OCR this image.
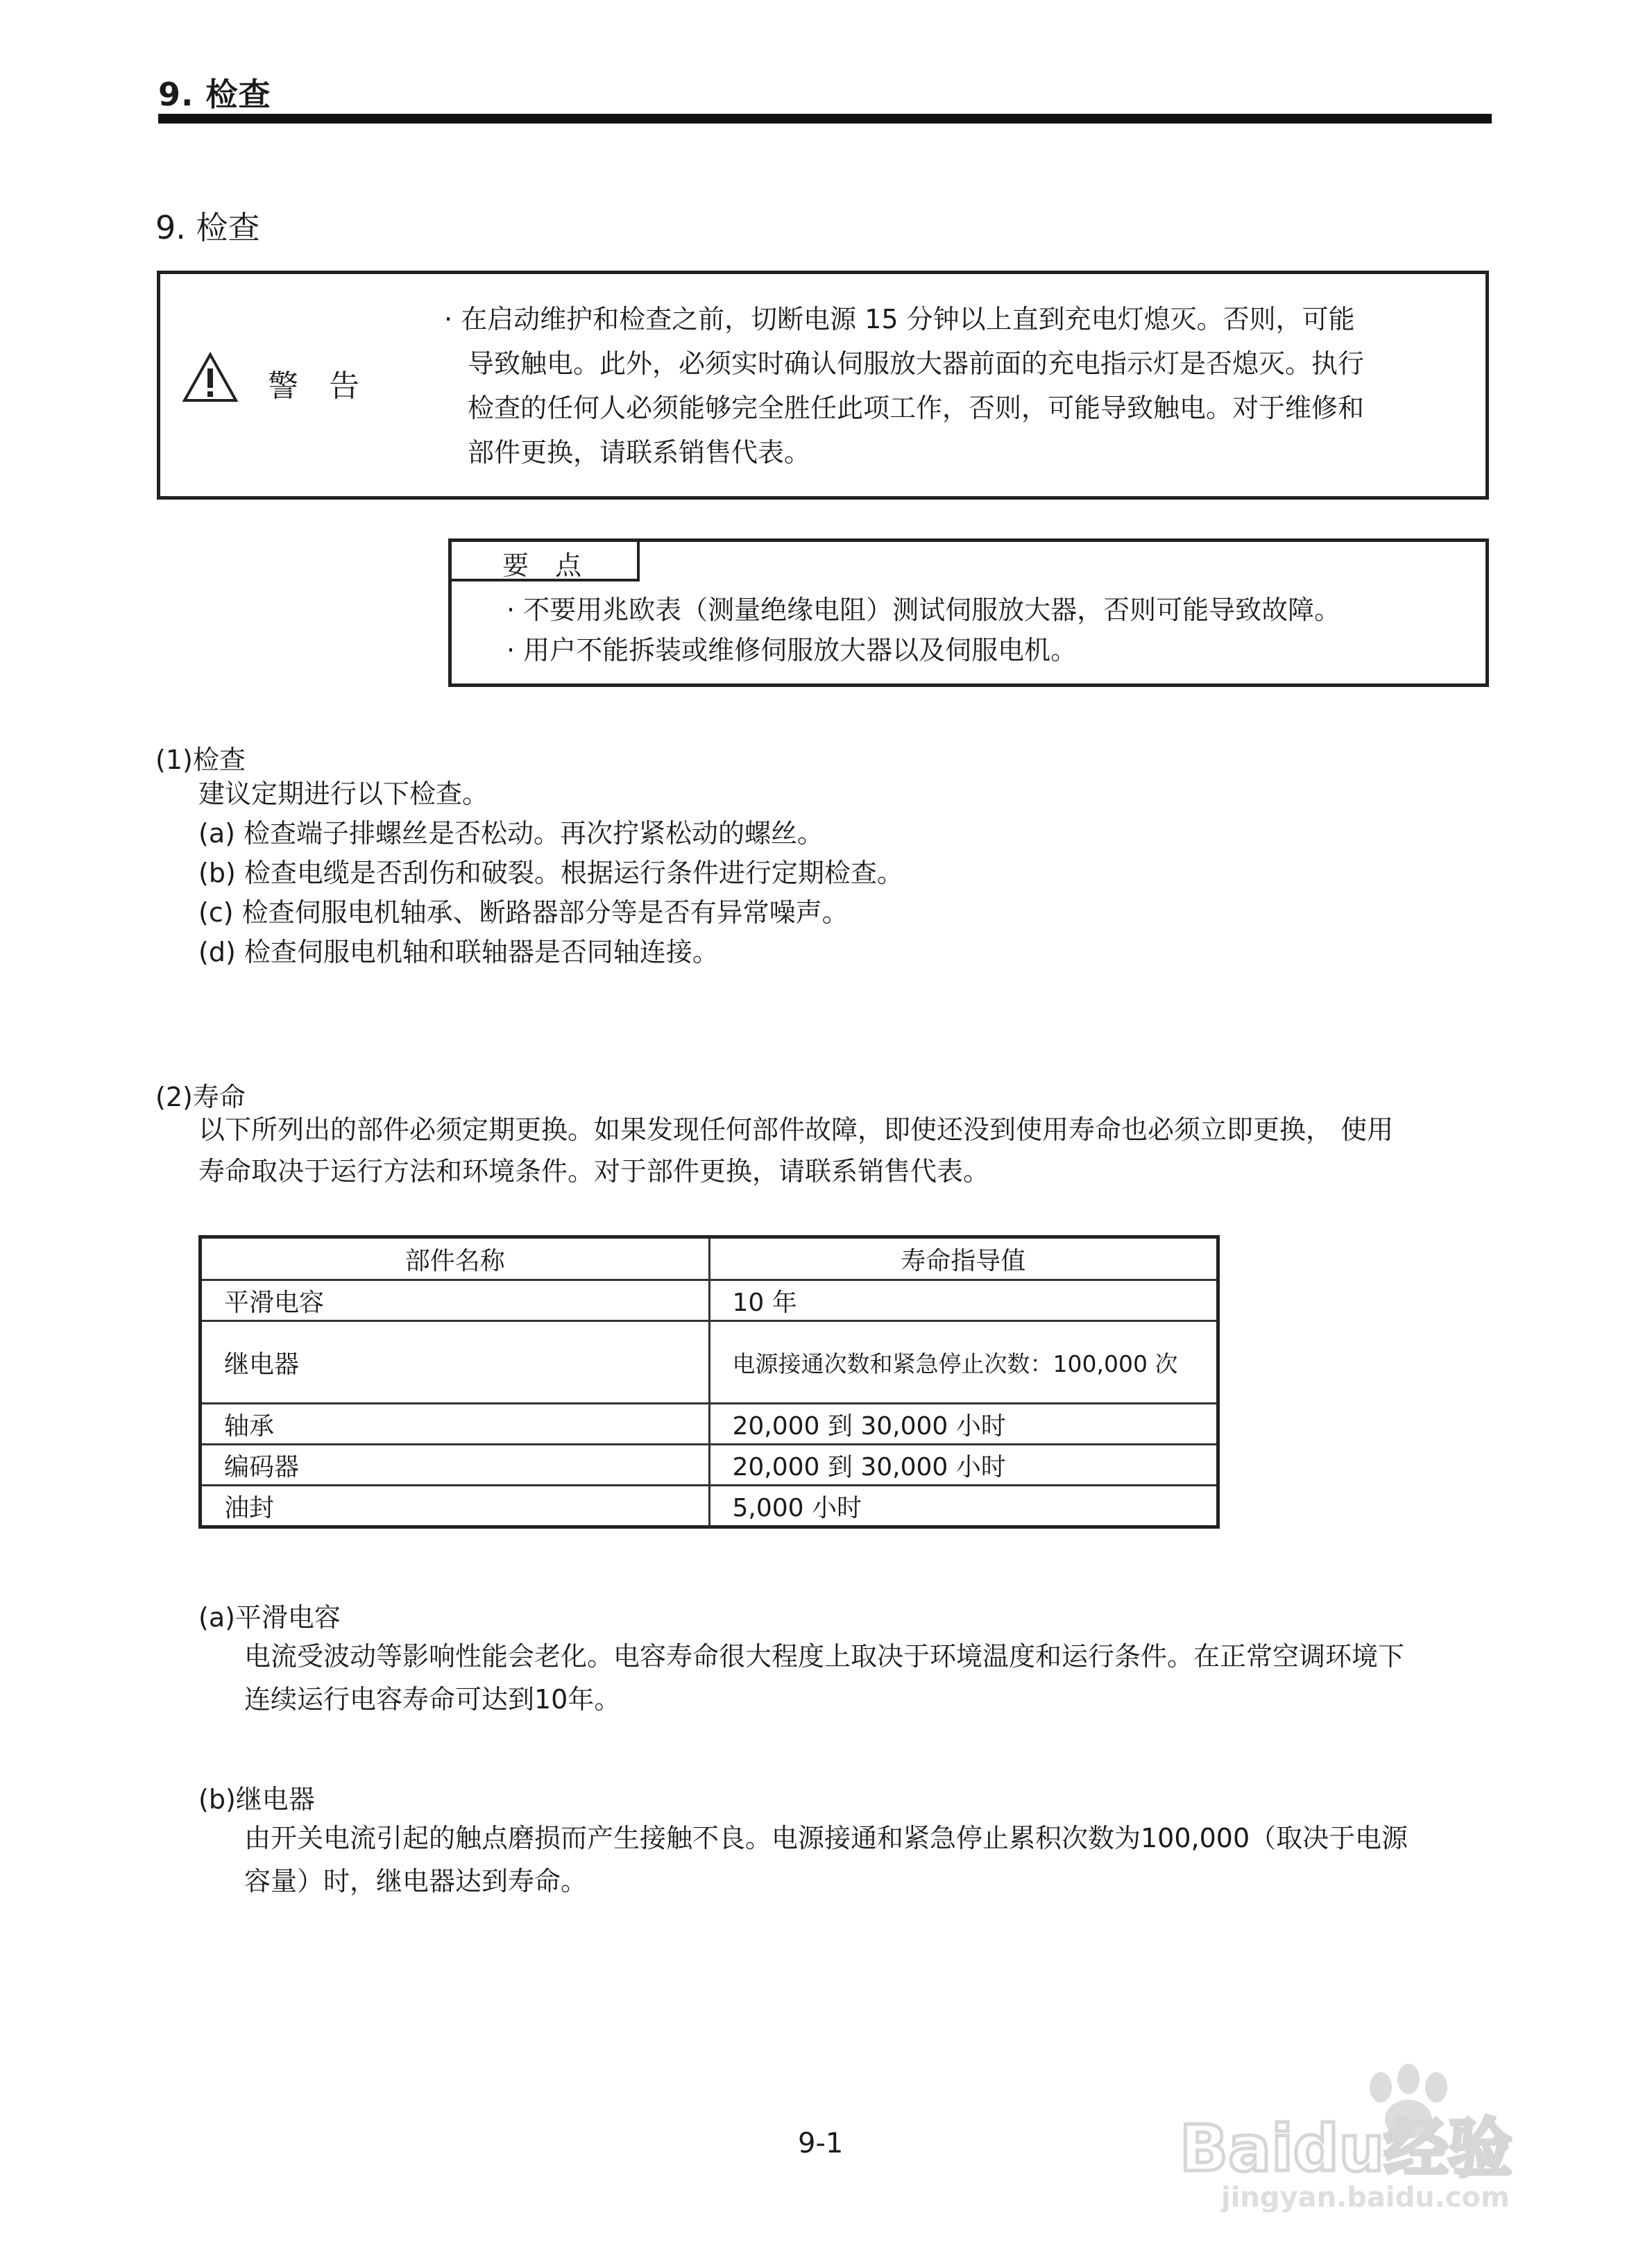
9. 检查
9. 检查
警告
· 在启动维护和检查之前，切断电源 15 分钟以上直到充电灯熄灭。否则，可能
导致触电。此外，必须实时确认伺服放大器前面的充电指示灯是否熄灭。执行
检查的任何人必须能够完全胜任此项工作，否则，可能导致触电。对于维修和
部件更换，请联系销售代表。
要点
· 不要用兆欧表（测量绝缘电阻）测试伺服放大器，否则可能导致故障。
· 用户不能拆装或维修伺服放大器以及伺服电机。
(1)检查
建议定期进行以下检查。
(a) 检查端子排螺丝是否松动。再次拧紧松动的螺丝。
(b) 检查电缆是否刮伤和破裂。根据运行条件进行定期检查。
(c) 检查伺服电机轴承、断路器部分等是否有异常噪声。
(d) 检查伺服电机轴和联轴器是否同轴连接。
(2)寿命
以下所列出的部件必须定期更换。如果发现任何部件故障，即使还没到使用寿命也必须立即更换， 使用
寿命取决于运行方法和环境条件。对于部件更换，请联系销售代表。
部件名称	寿命指导值
平滑电容	10 年
继电器	电源接通次数和紧急停止次数：100,000 次
轴承	20,000 到 30,000 小时
编码器	20,000 到 30,000 小时
油封	5,000 小时
(a)平滑电容
电流受波动等影响性能会老化。电容寿命很大程度上取决于环境温度和运行条件。在正常空调环境下
连续运行电容寿命可达到10年。
(b)继电器
由开关电流引起的触点磨损而产生接触不良。电源接通和紧急停止累积次数为100,000（取决于电源
容量）时，继电器达到寿命。
9-1	Baidu经验
jingyan.baidu.com
